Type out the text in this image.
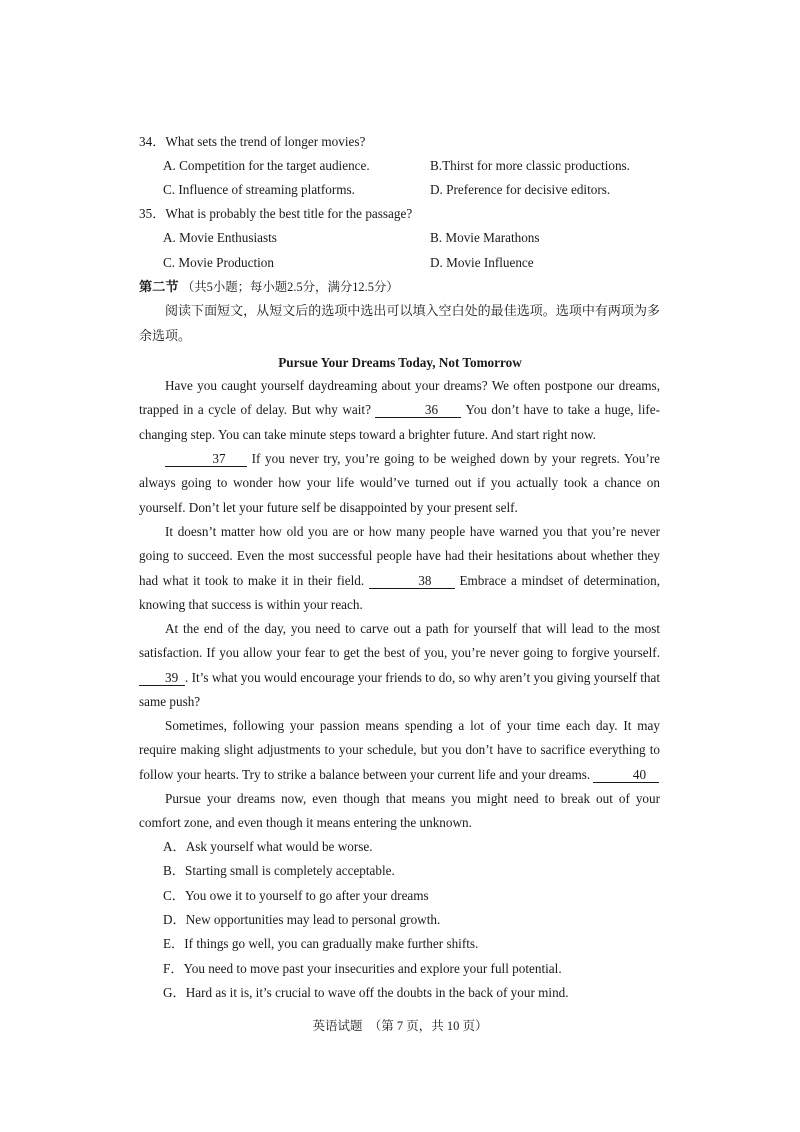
34．What sets the trend of longer movies?
A. Competition for the target audience.	B.Thirst for more classic productions.
C. Influence of streaming platforms.	D. Preference for decisive editors.
35．What is probably the best title for the passage?
A. Movie Enthusiasts	B. Movie Marathons
C. Movie Production	D. Movie Influence
第二节 （共5小题；每小题2.5分，满分12.5分）
阅读下面短文，从短文后的选项中选出可以填入空白处的最佳选项。选项中有两项为多余选项。
Pursue Your Dreams Today, Not Tomorrow
Have you caught yourself daydreaming about your dreams? We often postpone our dreams, trapped in a cycle of delay. But why wait?	36 You don’t have to take a huge, life-changing step. You can take minute steps toward a brighter future. And start right now.
37 If you never try, you’re going to be weighed down by your regrets. You’re always going to wonder how your life would’ve turned out if you actually took a chance on yourself. Don’t let your future self be disappointed by your present self.
It doesn’t matter how old you are or how many people have warned you that you’re never going to succeed. Even the most successful people have had their hesitations about whether they had what it took to make it in their field.	38 Embrace a mindset of determination, knowing that success is within your reach.
At the end of the day, you need to carve out a path for yourself that will lead to the most satisfaction. If you allow your fear to get the best of you, you’re never going to forgive yourself. 39 . It’s what you would encourage your friends to do, so why aren’t you giving yourself that same push?
Sometimes, following your passion means spending a lot of your time each day. It may require making slight adjustments to your schedule, but you don’t have to sacrifice everything to follow your hearts. Try to strike a balance between your current life and your dreams.	40
Pursue your dreams now, even though that means you might need to break out of your comfort zone, and even though it means entering the unknown.
A．Ask yourself what would be worse.
B．Starting small is completely acceptable.
C．You owe it to yourself to go after your dreams
D．New opportunities may lead to personal growth.
E．If things go well, you can gradually make further shifts.
F．You need to move past your insecurities and explore your full potential.
G．Hard as it is, it’s crucial to wave off the doubts in the back of your mind.
英语试题　（第 7 页，共 10 页）
